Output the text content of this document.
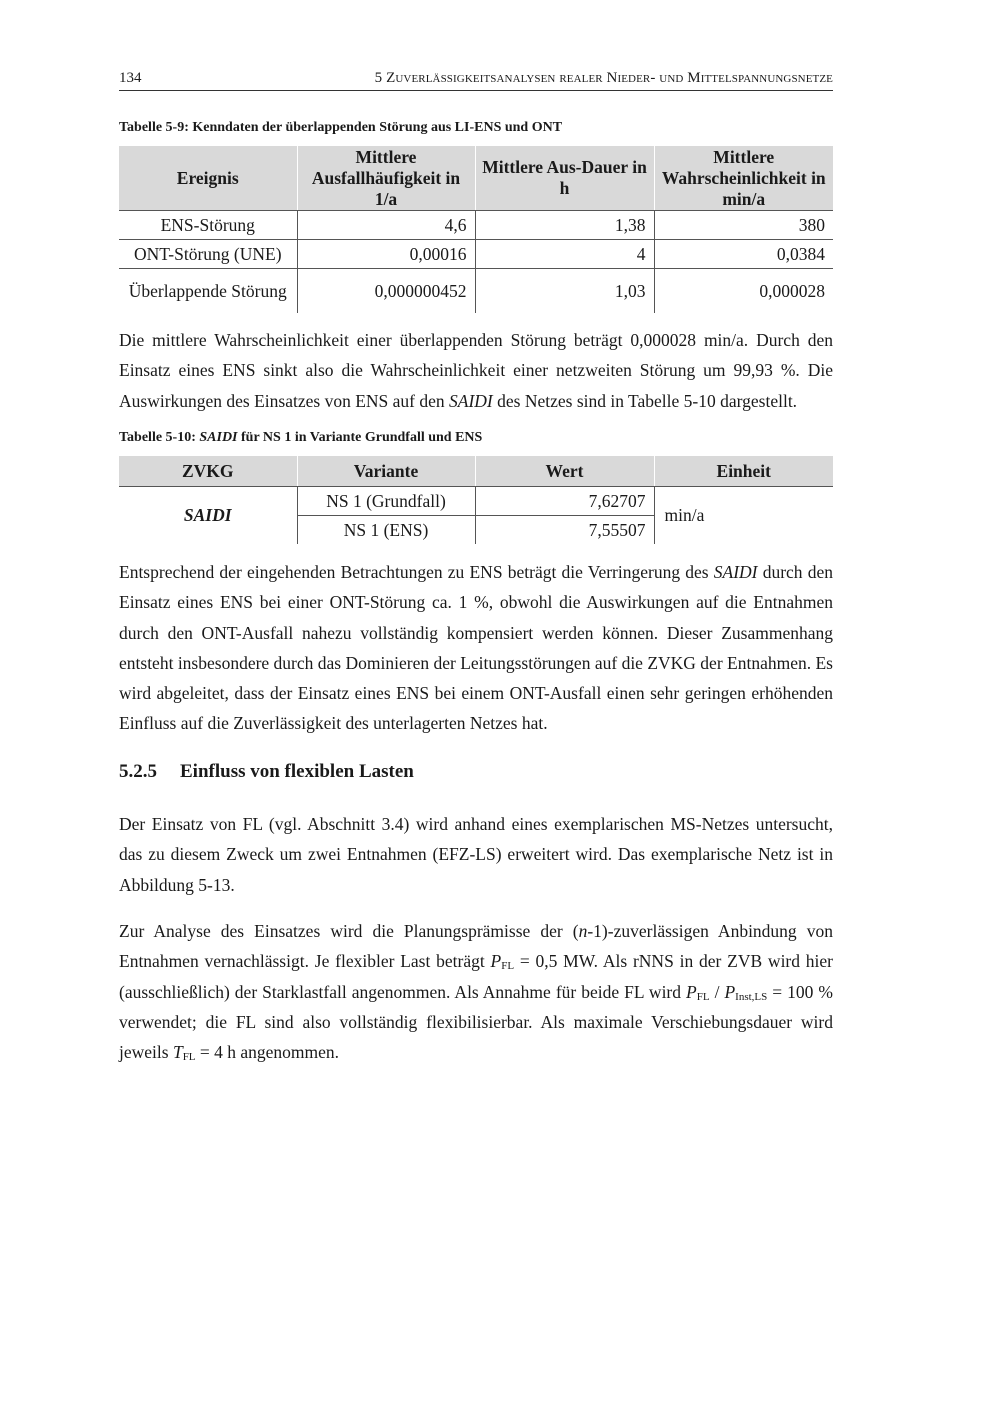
134	5 Zuverlässigkeitsanalysen realer Nieder- und Mittelspannungsnetze
Tabelle 5-9: Kenndaten der überlappenden Störung aus LI-ENS und ONT
Ereignis	Mittlere Ausfallhäufigkeit in 1/a	Mittlere Aus-Dauer in h	Mittlere Wahrscheinlichkeit in min/a
ENS-Störung	4,6	1,38	380
ONT-Störung (UNE)	0,00016	4	0,0384
Überlappende Störung	0,000000452	1,03	0,000028

Die mittlere Wahrscheinlichkeit einer überlappenden Störung beträgt 0,000028 min/a. Durch den Einsatz eines ENS sinkt also die Wahrscheinlichkeit einer netzweiten Störung um 99,93 %. Die Auswirkungen des Einsatzes von ENS auf den SAIDI des Netzes sind in Tabelle 5-10 dargestellt.

Tabelle 5-10: SAIDI für NS 1 in Variante Grundfall und ENS
ZVKG	Variante	Wert	Einheit
SAIDI	NS 1 (Grundfall)	7,62707	min/a
	NS 1 (ENS)	7,55507	

Entsprechend der eingehenden Betrachtungen zu ENS beträgt die Verringerung des SAIDI durch den Einsatz eines ENS bei einer ONT-Störung ca. 1 %, obwohl die Auswirkungen auf die Entnahmen durch den ONT-Ausfall nahezu vollständig kompensiert werden können. Dieser Zusammenhang entsteht insbesondere durch das Dominieren der Leitungsstörungen auf die ZVKG der Entnahmen. Es wird abgeleitet, dass der Einsatz eines ENS bei einem ONT-Ausfall einen sehr geringen erhöhenden Einfluss auf die Zuverlässigkeit des unterlagerten Netzes hat.

5.2.5 Einfluss von flexiblen Lasten

Der Einsatz von FL (vgl. Abschnitt 3.4) wird anhand eines exemplarischen MS-Netzes untersucht, das zu diesem Zweck um zwei Entnahmen (EFZ-LS) erweitert wird. Das exemplarische Netz ist in Abbildung 5-13.

Zur Analyse des Einsatzes wird die Planungsprämisse der (n-1)-zuverlässigen Anbindung von Entnahmen vernachlässigt. Je flexibler Last beträgt $P_{FL} = 0,5$ MW. Als rNNS in der ZVB wird hier (ausschließlich) der Starklastfall angenommen. Als Annahme für beide FL wird $P_{FL} / P_{Inst,LS} = 100$ % verwendet; die FL sind also vollständig flexibilisierbar. Als maximale Verschiebungsdauer wird jeweils $T_{FL} = 4$ h angenommen.
